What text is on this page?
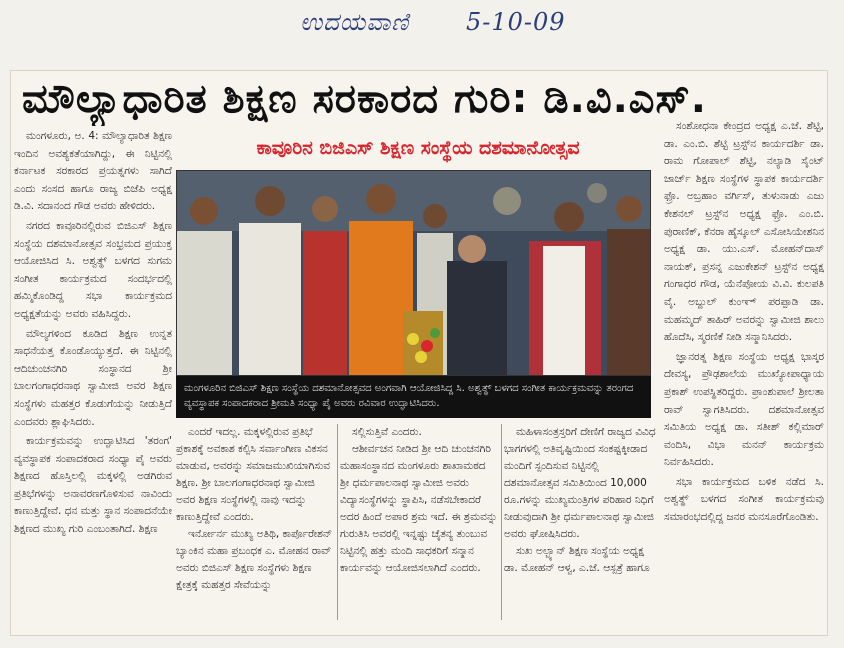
ಉದಯವಾಣಿ 5-10-09
ಮೌಲ್ಯಾಧಾರಿತ ಶಿಕ್ಷಣ ಸರಕಾರದ ಗುರಿ: ಡಿ.ವಿ.ಎಸ್.

ಮಂಗಳೂರು, ಅ. 4: ಮೌಲ್ಯಾಧಾರಿತ ಶಿಕ್ಷಣ ಇಂದಿನ ಅವಶ್ಯಕತೆಯಾಗಿದ್ದು, ಈ ನಿಟ್ಟಿನಲ್ಲಿ ಕರ್ನಾಟಕ ಸರಕಾರದ ಪ್ರಯತ್ನಗಳು ಸಾಗಿದೆ ಎಂದು ಸಂಸದ ಹಾಗೂ ರಾಜ್ಯ ಬಿಜೆಪಿ ಅಧ್ಯಕ್ಷ ಡಿ.ವಿ. ಸದಾನಂದ ಗೌಡ ಅವರು ಹೇಳಿದರು.

ನಗರದ ಕಾವೂರಿನಲ್ಲಿರುವ ಬಿಜಿಎಸ್ ಶಿಕ್ಷಣ ಸಂಸ್ಥೆಯ ದಶಮಾನೋತ್ಸವ ಸಂಭ್ರಮದ ಪ್ರಯುಕ್ತ ಆಯೋಜಿಸಿದ ಸಿ. ಅಶ್ವತ್ಥ್ ಬಳಗದ ಸುಗಮ ಸಂಗೀತ ಕಾರ್ಯಕ್ರಮದ ಸಂದರ್ಭದಲ್ಲಿ ಹಮ್ಮಿಕೊಂಡಿದ್ದ ಸಭಾ ಕಾರ್ಯಕ್ರಮದ ಅಧ್ಯಕ್ಷತೆಯನ್ನು ಅವರು ವಹಿಸಿದ್ದರು.

ಮೌಲ್ಯಗಳಿಂದ ಕೂಡಿದ ಶಿಕ್ಷಣ ಉನ್ನತ ಸಾಧನೆಯತ್ತ ಕೊಂಡೊಯ್ಯುತ್ತದೆ. ಈ ನಿಟ್ಟಿನಲ್ಲಿ ಆದಿಚುಂಚನಗಿರಿ ಸಂಸ್ಥಾನದ ಶ್ರೀ ಬಾಲಗಂಗಾಧರನಾಥ ಸ್ವಾಮೀಜಿ ಅವರ ಶಿಕ್ಷಣ ಸಂಸ್ಥೆಗಳು ಮಹತ್ತರ ಕೊಡುಗೆಯನ್ನು ನೀಡುತ್ತಿದೆ ಎಂದವರು ಶ್ಲಾಘಿಸಿದರು.

ಕಾರ್ಯಕ್ರಮವನ್ನು ಉದ್ಘಾಟಿಸಿದ 'ತರಂಗ' ವ್ಯವಸ್ಥಾಪಕ ಸಂಪಾದಕರಾದ ಸಂಧ್ಯಾ ಪೈ ಅವರು ಶಿಕ್ಷಣದ ಹೊಸ್ತಿಲಲ್ಲಿ ಮಕ್ಕಳಲ್ಲಿ ಅಡಗಿರುವ ಪ್ರತಿಭೆಗಳನ್ನು ಅನಾವರಣಗೊಳಿಸುವ ನಾವಿಂದು ಕಾಣುತ್ತಿದ್ದೇವೆ. ಧನ ಮತ್ತು ಸ್ಥಾನ ಸಂಪಾದನೆಯೇ ಶಿಕ್ಷಣದ ಮುಖ್ಯ ಗುರಿ ಎಂಬಂತಾಗಿದೆ. ಶಿಕ್ಷಣ

ಕಾವೂರಿನ ಬಿಜಿಎಸ್ ಶಿಕ್ಷಣ ಸಂಸ್ಥೆಯ ದಶಮಾನೋತ್ಸವ
ಮಂಗಳೂರಿನ ಬಿಜಿಎಸ್ ಶಿಕ್ಷಣ ಸಂಸ್ಥೆಯ ದಶಮಾನೋತ್ಸವದ ಅಂಗವಾಗಿ ಆಯೋಜಿಸಿದ್ದ ಸಿ. ಅಶ್ವತ್ಥ್ ಬಳಗದ ಸಂಗೀತ ಕಾರ್ಯಕ್ರಮವನ್ನು ತರಂಗದ ವ್ಯವಸ್ಥಾಪಕ ಸಂಪಾದಕರಾದ ಶ್ರೀಮತಿ ಸಂಧ್ಯಾ ಪೈ ಅವರು ರವಿವಾರ ಉದ್ಘಾಟಿಸಿದರು.

ಎಂದರೆ ಇದಲ್ಲ. ಮಕ್ಕಳಲ್ಲಿರುವ ಪ್ರತಿಭೆ ಪ್ರಕಾಶಕ್ಕೆ ಅವಕಾಶ ಕಲ್ಪಿಸಿ ಸರ್ವಾಂಗೀಣ ವಿಕಸನ ಮಾಡುವ, ಅವರನ್ನು ಸಮಾಜಮುಖಿಯಾಗಿಸುವ ಶಿಕ್ಷಣ. ಶ್ರೀ ಬಾಲಗಂಗಾಧರನಾಥ ಸ್ವಾಮೀಜಿ ಅವರ ಶಿಕ್ಷಣ ಸಂಸ್ಥೆಗಳಲ್ಲಿ ನಾವು ಇದನ್ನು ಕಾಣುತ್ತಿದ್ದೇವೆ ಎಂದರು.

ಇರ್ನೋರ್ನ ಮುಖ್ಯ ಅತಿಥಿ, ಕಾರ್ಪೊರೇಶನ್ ಬ್ಯಾಂಕಿನ ಮಹಾ ಪ್ರಬಂಧಕ ಎ. ಮೋಹನ ರಾವ್ ಅವರು ಬಿಜಿಎಸ್ ಶಿಕ್ಷಣ ಸಂಸ್ಥೆಗಳು ಶಿಕ್ಷಣ ಕ್ಷೇತ್ರಕ್ಕೆ ಮಹತ್ತರ ಸೇವೆಯನ್ನು

ಸಲ್ಲಿಸುತ್ತಿವೆ ಎಂದರು.

ಆಶೀರ್ವಚನ ನೀಡಿದ ಶ್ರೀ ಆದಿ ಚುಂಚನಗಿರಿ ಮಹಾಸಂಸ್ಥಾನದ ಮಂಗಳೂರು ಶಾಖಾಮಠದ ಶ್ರೀ ಧರ್ಮಪಾಲನಾಥ ಸ್ವಾಮೀಜಿ ಅವರು ವಿದ್ಯಾಸಂಸ್ಥೆಗಳನ್ನು ಸ್ಥಾಪಿಸಿ, ನಡೆಸಬೇಕಾದರೆ ಅದರ ಹಿಂದೆ ಅಪಾರ ಶ್ರಮ ಇದೆ. ಈ ಶ್ರಮವನ್ನು ಗುರುತಿಸಿ ಅವರಲ್ಲಿ ಇನ್ನಷ್ಟು ಚೈತನ್ಯ ತುಂಬುವ ನಿಟ್ಟಿನಲ್ಲಿ ಹತ್ತು ಮಂದಿ ಸಾಧಕರಿಗೆ ಸನ್ಮಾನ ಕಾರ್ಯವನ್ನು ಆಯೋಜಿಸಲಾಗಿದೆ ಎಂದರು.

ಮಹಿಳಾಸಂತ್ರಸ್ತರಿಗೆ ದೇಣಿಗೆ ರಾಜ್ಯದ ವಿವಿಧ ಭಾಗಗಳಲ್ಲಿ ಅತಿವೃಷ್ಟಿಯಿಂದ ಸಂಕಷ್ಟಕ್ಕೀಡಾದ ಮಂದಿಗೆ ಸ್ಪಂದಿಸುವ ನಿಟ್ಟಿನಲ್ಲಿ ದಶಮಾನೋತ್ಸವ ಸಮಿತಿಯಿಂದ 10,000 ರೂ.ಗಳನ್ನು ಮುಖ್ಯಮಂತ್ರಿಗಳ ಪರಿಹಾರ ನಿಧಿಗೆ ನೀಡುವುದಾಗಿ ಶ್ರೀ ಧರ್ಮಪಾಲನಾಥ ಸ್ವಾಮೀಜಿ ಅವರು ಘೋಷಿಸಿದರು.

ಸುಖ ಅಲ್ಬ್ಯಾನ್ ಶಿಕ್ಷಣ ಸಂಸ್ಥೆಯ ಅಧ್ಯಕ್ಷ ಡಾ. ಮೋಹನ್ ಆಳ್ವ, ಎ.ಜೆ. ಆಸ್ಪತ್ರೆ ಹಾಗೂ

ಸಂಶೋಧನಾ ಕೇಂದ್ರದ ಅಧ್ಯಕ್ಷ ಎ.ಜೆ. ಶೆಟ್ಟಿ, ಡಾ. ಎಂ.ಬಿ. ಶೆಟ್ಟಿ ಟ್ರಸ್ಟ್‌ನ ಕಾರ್ಯದರ್ಶಿ ಡಾ. ರಾಮ ಗೋಪಾಲ್ ಶೆಟ್ಟಿ, ನಲ್ಯಾಡಿ ಸೈಂಟ್ ಜಾರ್ಜ್ ಶಿಕ್ಷಣ ಸಂಸ್ಥೆಗಳ ಸ್ಥಾಪಕ ಕಾರ್ಯದರ್ಶಿ ಫ್ರೊ. ಅಬ್ರಹಾಂ ವರ್ಗಿಸ್, ತುಳುನಾಡು ಎಜು ಕೇಶನಲ್ ಟ್ರಸ್ಟ್‌ನ ಅಧ್ಯಕ್ಷ ಫ್ರೊ. ಎಂ.ಬಿ. ಪುರಾಣಿಕ್, ಕೆನರಾ ಹೈಸ್ಕೂಲ್ ಎಸೋಸಿಯೇಶನಿನ ಅಧ್ಯಕ್ಷ ಡಾ. ಯು.ಎಸ್. ಮೋಹನ್‌ದಾಸ್ ನಾಯಕ್, ಪ್ರಸನ್ನ ಎಜುಕೇಶನ್ ಟ್ರಸ್ಟ್‌ನ ಅಧ್ಯಕ್ಷ ಗಂಗಾಧರ ಗೌಡ, ಯೆನೆಪೋಯ ವಿ.ವಿ. ಕುಲಪತಿ ವೈ. ಅಬ್ದುಲ್ ಕುಂಞ್ ಪರಪ್ಪಾಡಿ ಡಾ. ಮಹಮ್ಮದ್ ತಾಹಿರ್ ಅವರನ್ನು ಸ್ವಾಮೀಜಿ ಶಾಲು ಹೊದೆಸಿ, ಸ್ಮರಣಿಕೆ ನೀಡಿ ಸನ್ಮಾನಿಸಿದರು.

ಜ್ಞಾನರತ್ನ ಶಿಕ್ಷಣ ಸಂಸ್ಥೆಯ ಅಧ್ಯಕ್ಷ ಭಾಸ್ಕರ ದೇವಸ್ಯ, ಪ್ರೌಢಶಾಲೆಯ ಮುಖ್ಯೋಪಾಧ್ಯಾಯ ಪ್ರಕಾಶ್ ಉಪಸ್ಥಿತರಿದ್ದರು. ಪ್ರಾಂಶುಪಾಲೆ ಶ್ರೀಲತಾ ರಾವ್ ಸ್ವಾಗತಿಸಿದರು. ದಶಮಾನೋತ್ಸವ ಸಮಿತಿಯ ಅಧ್ಯಕ್ಷ ಡಾ. ಸತೀಶ್ ಕಲ್ಲಿಮಾರ್ ವಂದಿಸಿ, ವಿಭಾ ಮನನ್ ಕಾರ್ಯಕ್ರಮ ನಿರ್ವಹಿಸಿದರು.

ಸಭಾ ಕಾರ್ಯಕ್ರಮದ ಬಳಿಕ ನಡೆದ ಸಿ. ಅಶ್ವತ್ಥ್ ಬಳಗದ ಸಂಗೀತ ಕಾರ್ಯಕ್ರಮವು ಸಮಾರಂಭದಲ್ಲಿದ್ದ ಜನರ ಮನಸೂರೆಗೊಂಡಿತು.
